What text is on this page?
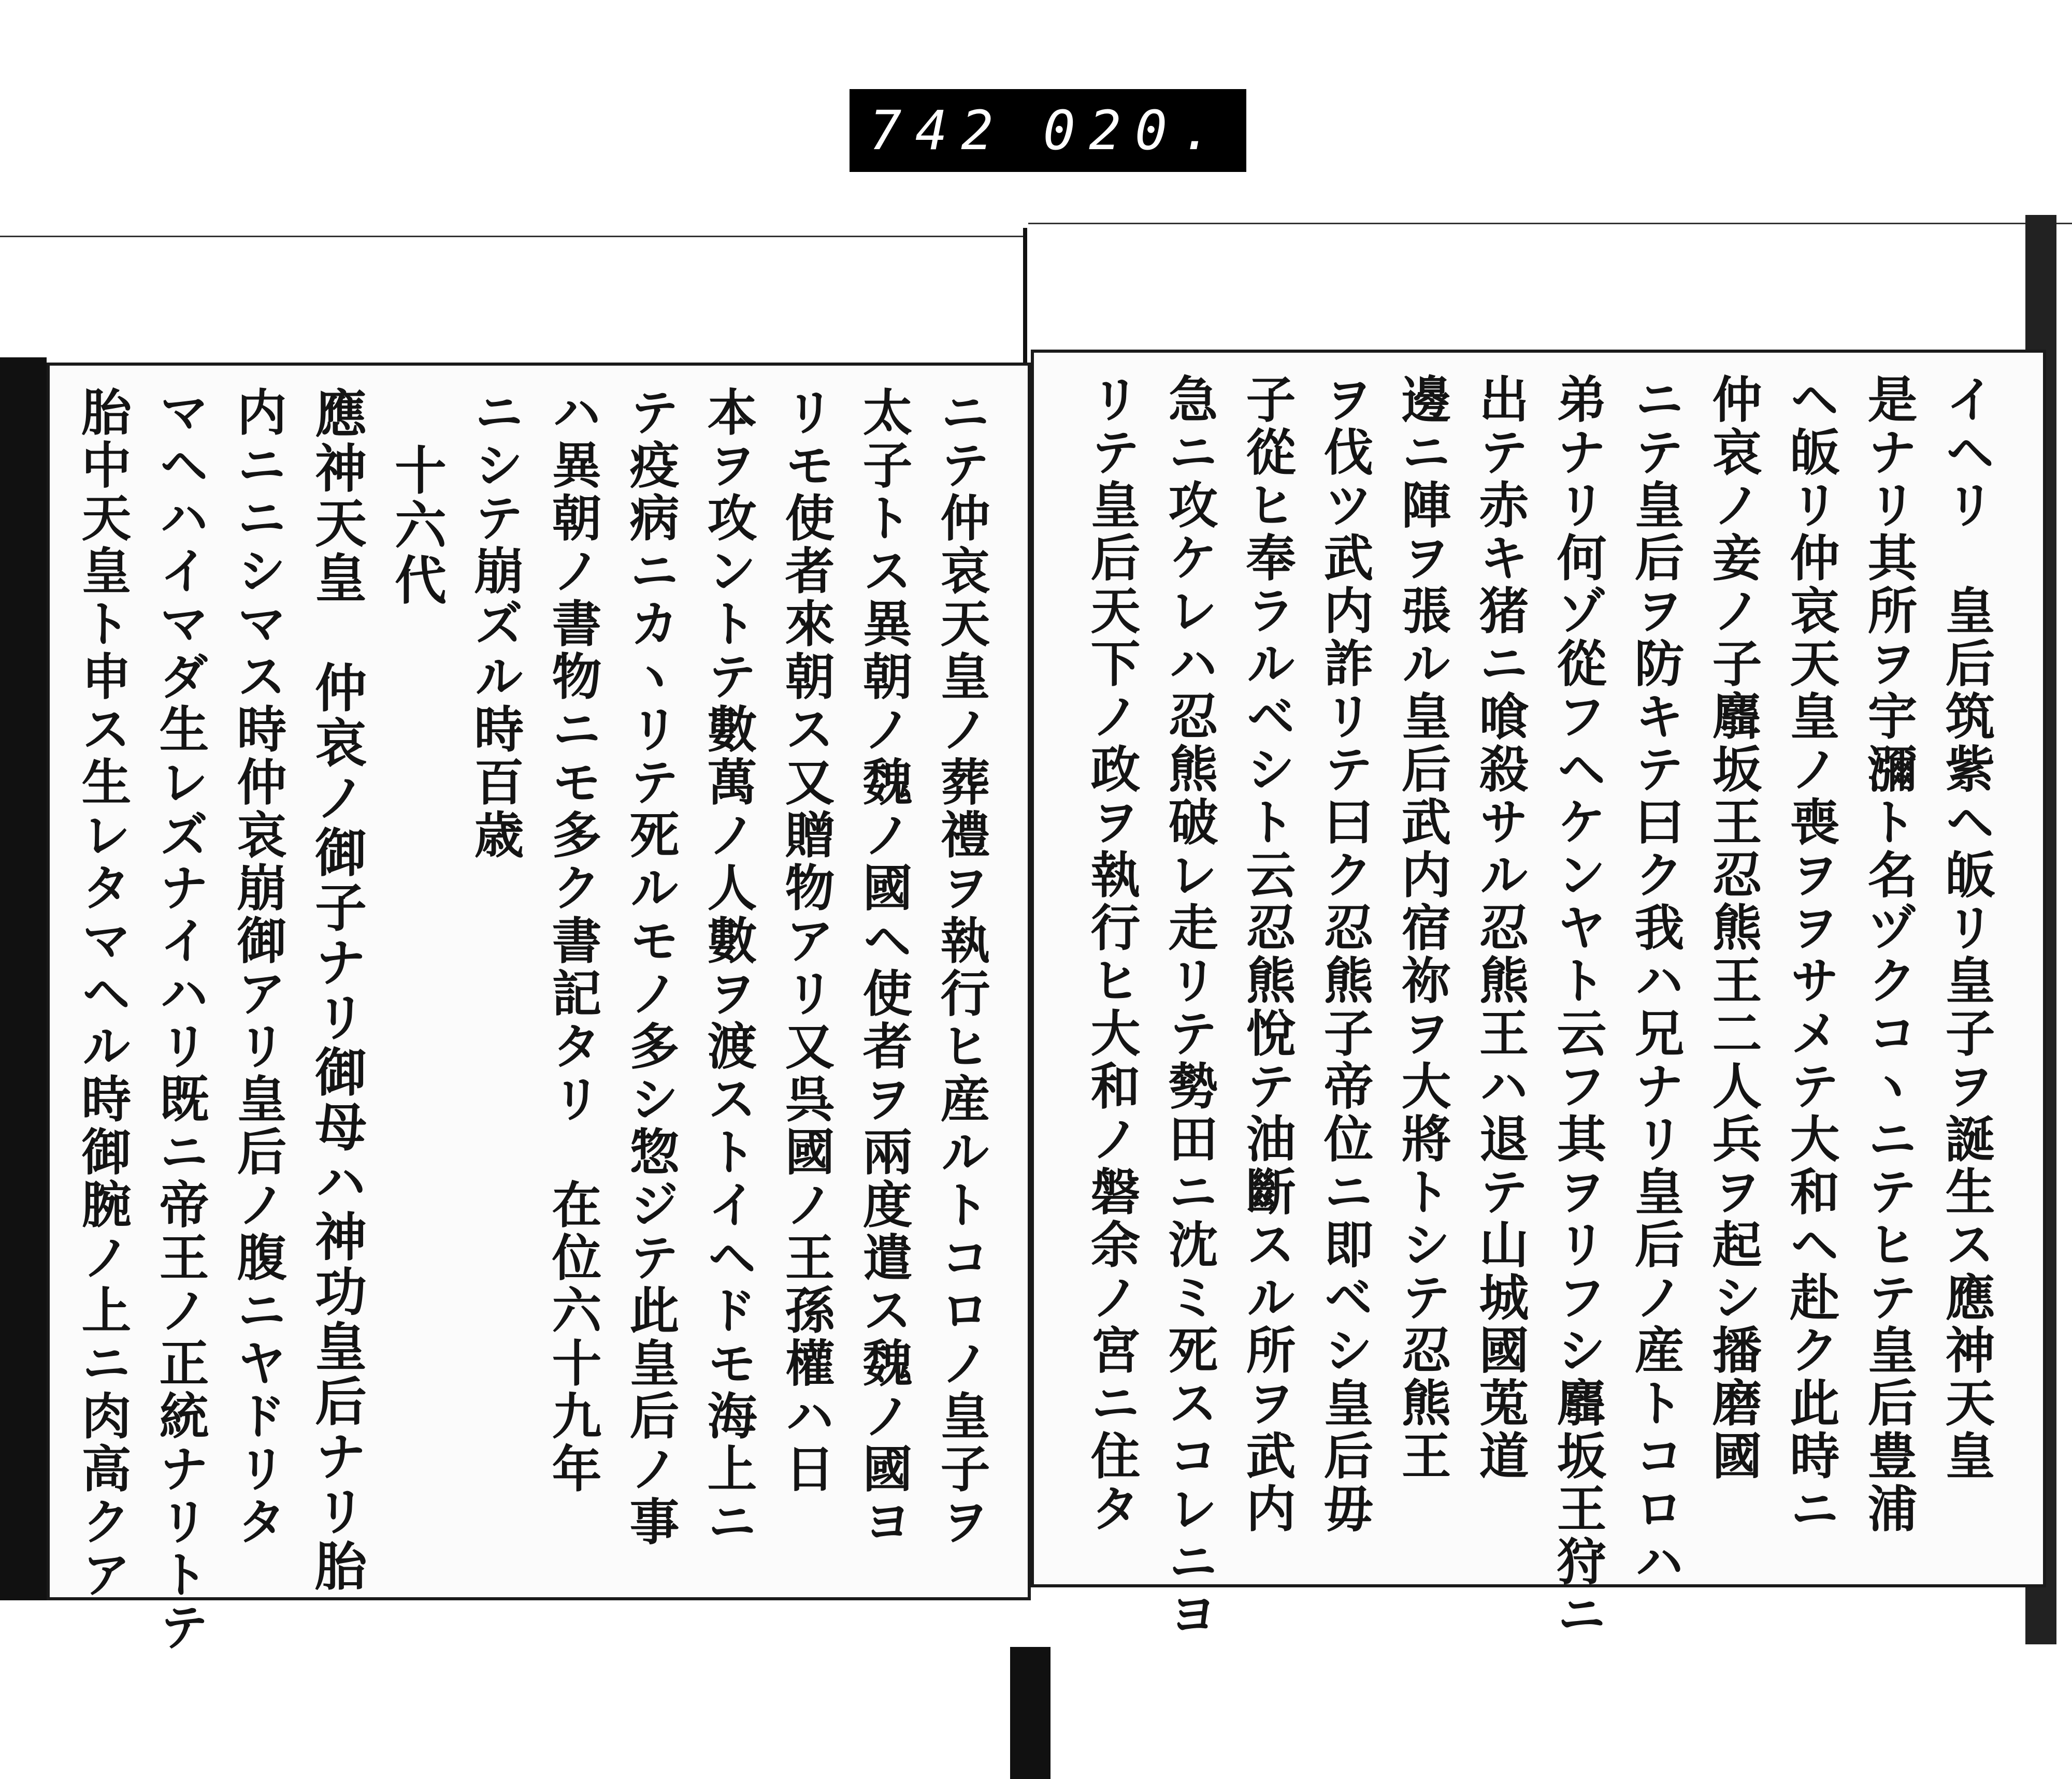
742 020.
ニテ仲哀天皇ノ葬禮ヲ執行ヒ産ルトコロノ皇子ヲ
太子トス異朝ノ魏ノ國ヘ使者ヲ兩度遣ス魏ノ國ヨ
リモ使者來朝ス又贈物アリ又呉國ノ王孫權ハ日
本ヲ攻ントテ數萬ノ人數ヲ渡ストイヘドモ海上ニ
テ疫病ニカヽリテ死ルモノ多シ惣ジテ此皇后ノ事
ハ異朝ノ書物ニモ多ク書記タリ　在位六十九年
ニシテ崩ズル時百歳
十六代
應神天皇　仲哀ノ御子ナリ御母ハ神功皇后ナリ胎
内ニニシマス時仲哀崩御アリ皇后ノ腹ニヤドリタ
マヘハイマダ生レズナイハリ既ニ帝王ノ正統ナリトテ
胎中天皇ト申ス生レタマヘル時御腕ノ上ニ肉高クア	イヘリ　皇后筑紫ヘ皈リ皇子ヲ誕生ス應神天皇
是ナリ其所ヲ宇瀰ト名ヅクコヽニテヒテ皇后豊浦
ヘ皈リ仲哀天皇ノ喪ヲヲサメテ大和ヘ赴ク此時ニ
仲哀ノ妾ノ子麛坂王忍熊王二人兵ヲ起シ播磨國
ニテ皇后ヲ防キテ曰ク我ハ兄ナリ皇后ノ産トコロハ
弟ナリ何ゾ從フヘケンヤト云フ其ヲリフシ麛坂王狩ニ
出テ赤キ猪ニ喰殺サル忍熊王ハ退テ山城國莵道
邊ニ陣ヲ張ル皇后武内宿祢ヲ大將トシテ忍熊王
ヲ伐ツ武内詐リテ曰ク忍熊子帝位ニ即ベシ皇后毋
子從ヒ奉ラルベシト云忍熊悅テ油斷スル所ヲ武内
急ニ攻ケレハ忍熊破レ走リテ勢田ニ沈ミ死スコレニヨ
リテ皇后天下ノ政ヲ執行ヒ大和ノ磐余ノ宮ニ住タ
